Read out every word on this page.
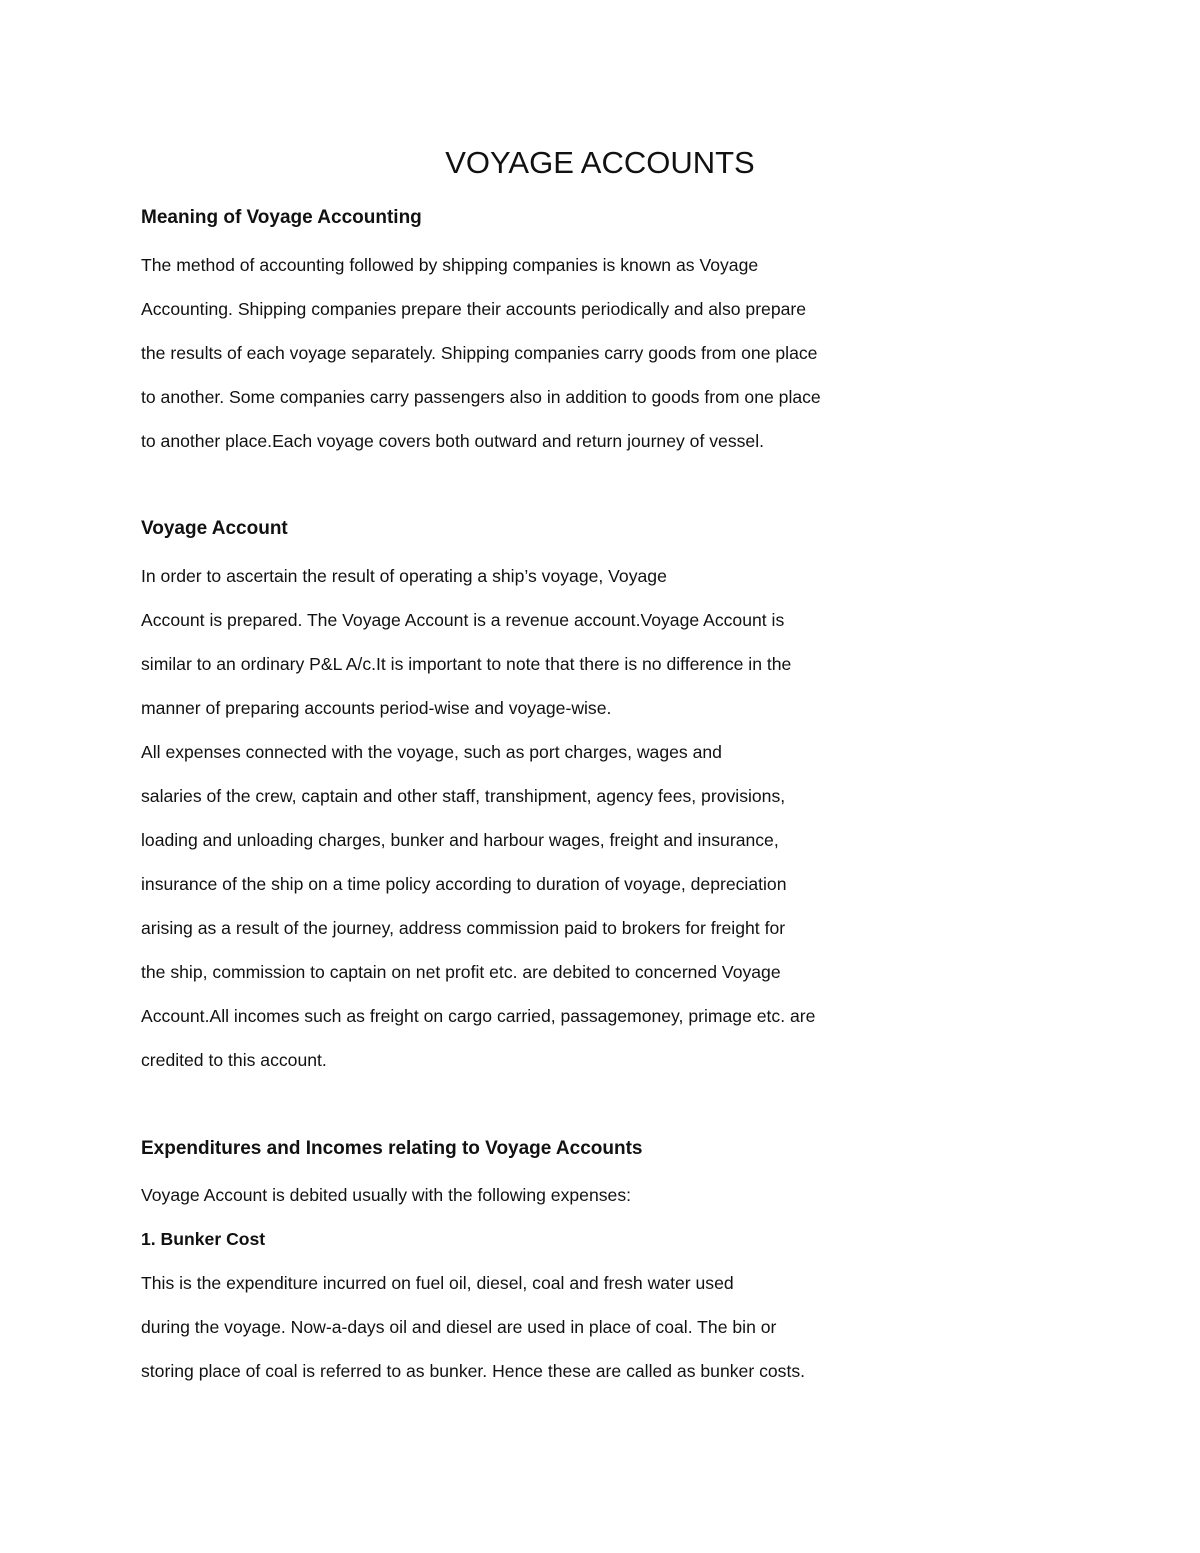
VOYAGE ACCOUNTS
Meaning of Voyage Accounting

The method of accounting followed by shipping companies is known as Voyage

Accounting. Shipping companies prepare their accounts periodically and also prepare

the results of each voyage separately. Shipping companies carry goods from one place

to another. Some companies carry passengers also in addition to goods from one place

to another place.Each voyage covers both outward and return journey of vessel.

Voyage Account

In order to ascertain the result of operating a ship’s voyage, Voyage

Account is prepared. The Voyage Account is a revenue account.Voyage Account is

similar to an ordinary P&L A/c.It is important to note that there is no difference in the

manner of preparing accounts period-wise and voyage-wise.

All expenses connected with the voyage, such as port charges, wages and

salaries of the crew, captain and other staff, transhipment, agency fees, provisions,

loading and unloading charges, bunker and harbour wages, freight and insurance,

insurance of the ship on a time policy according to duration of voyage, depreciation

arising as a result of the journey, address commission paid to brokers for freight for

the ship, commission to captain on net profit etc. are debited to concerned Voyage

Account.All incomes such as freight on cargo carried, passagemoney, primage etc. are

credited to this account.

Expenditures and Incomes relating to Voyage Accounts

Voyage Account is debited usually with the following expenses:

1. Bunker Cost

This is the expenditure incurred on fuel oil, diesel, coal and fresh water used

during the voyage. Now-a-days oil and diesel are used in place of coal. The bin or

storing place of coal is referred to as bunker. Hence these are called as bunker costs.
